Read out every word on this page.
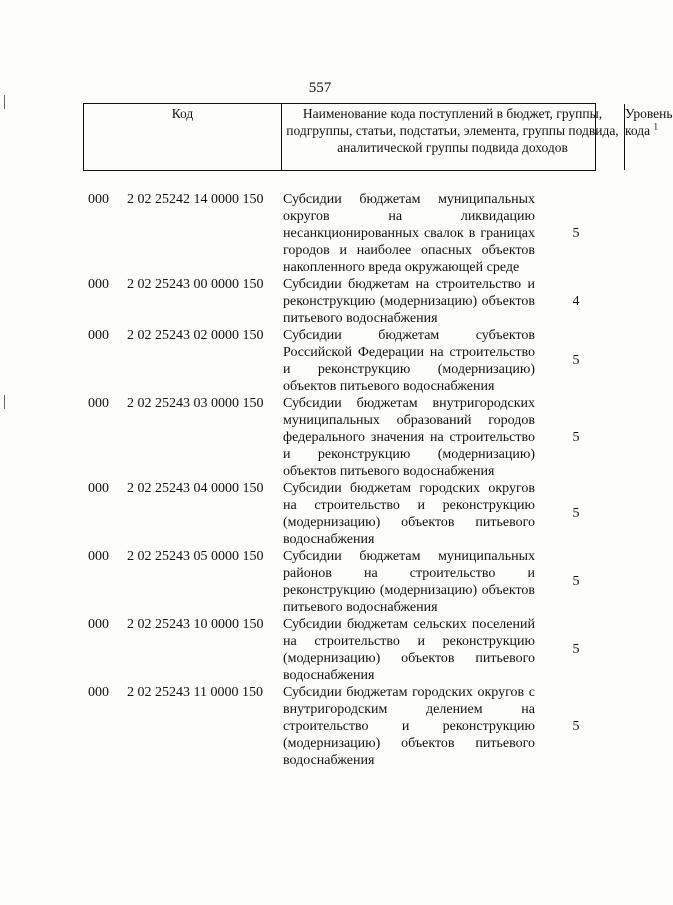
557
Код	Наименование кода поступлений в бюджет, группы, подгруппы, статьи, подстатьи, элемента, группы подвида, аналитической группы подвида доходов
Уровень кода $^1$
000 2 02 25242 14 0000 150 Субсидии бюджетам муниципальных округов на ликвидацию несанкционированных свалок в границах городов и наиболее опасных объектов накопленного вреда окружающей среде
5
000 2 02 25243 00 0000 150 Субсидии бюджетам на строительство и реконструкцию (модернизацию) объектов питьевого водоснабжения
4
000 2 02 25243 02 0000 150 Субсидии бюджетам субъектов Российской Федерации на строительство и реконструкцию (модернизацию) объектов питьевого водоснабжения
5
000 2 02 25243 03 0000 150 Субсидии бюджетам внутригородских муниципальных образований городов федерального значения на строительство и реконструкцию (модернизацию) объектов питьевого водоснабжения
5
000 2 02 25243 04 0000 150 Субсидии бюджетам городских округов на строительство и реконструкцию (модернизацию) объектов питьевого водоснабжения
5
000 2 02 25243 05 0000 150 Субсидии бюджетам муниципальных районов на строительство и реконструкцию (модернизацию) объектов питьевого водоснабжения
5
000 2 02 25243 10 0000 150 Субсидии бюджетам сельских поселений на строительство и реконструкцию (модернизацию) объектов питьевого водоснабжения
5
000 2 02 25243 11 0000 150 Субсидии бюджетам городских округов с внутригородским делением на строительство и реконструкцию (модернизацию) объектов питьевого водоснабжения
5
